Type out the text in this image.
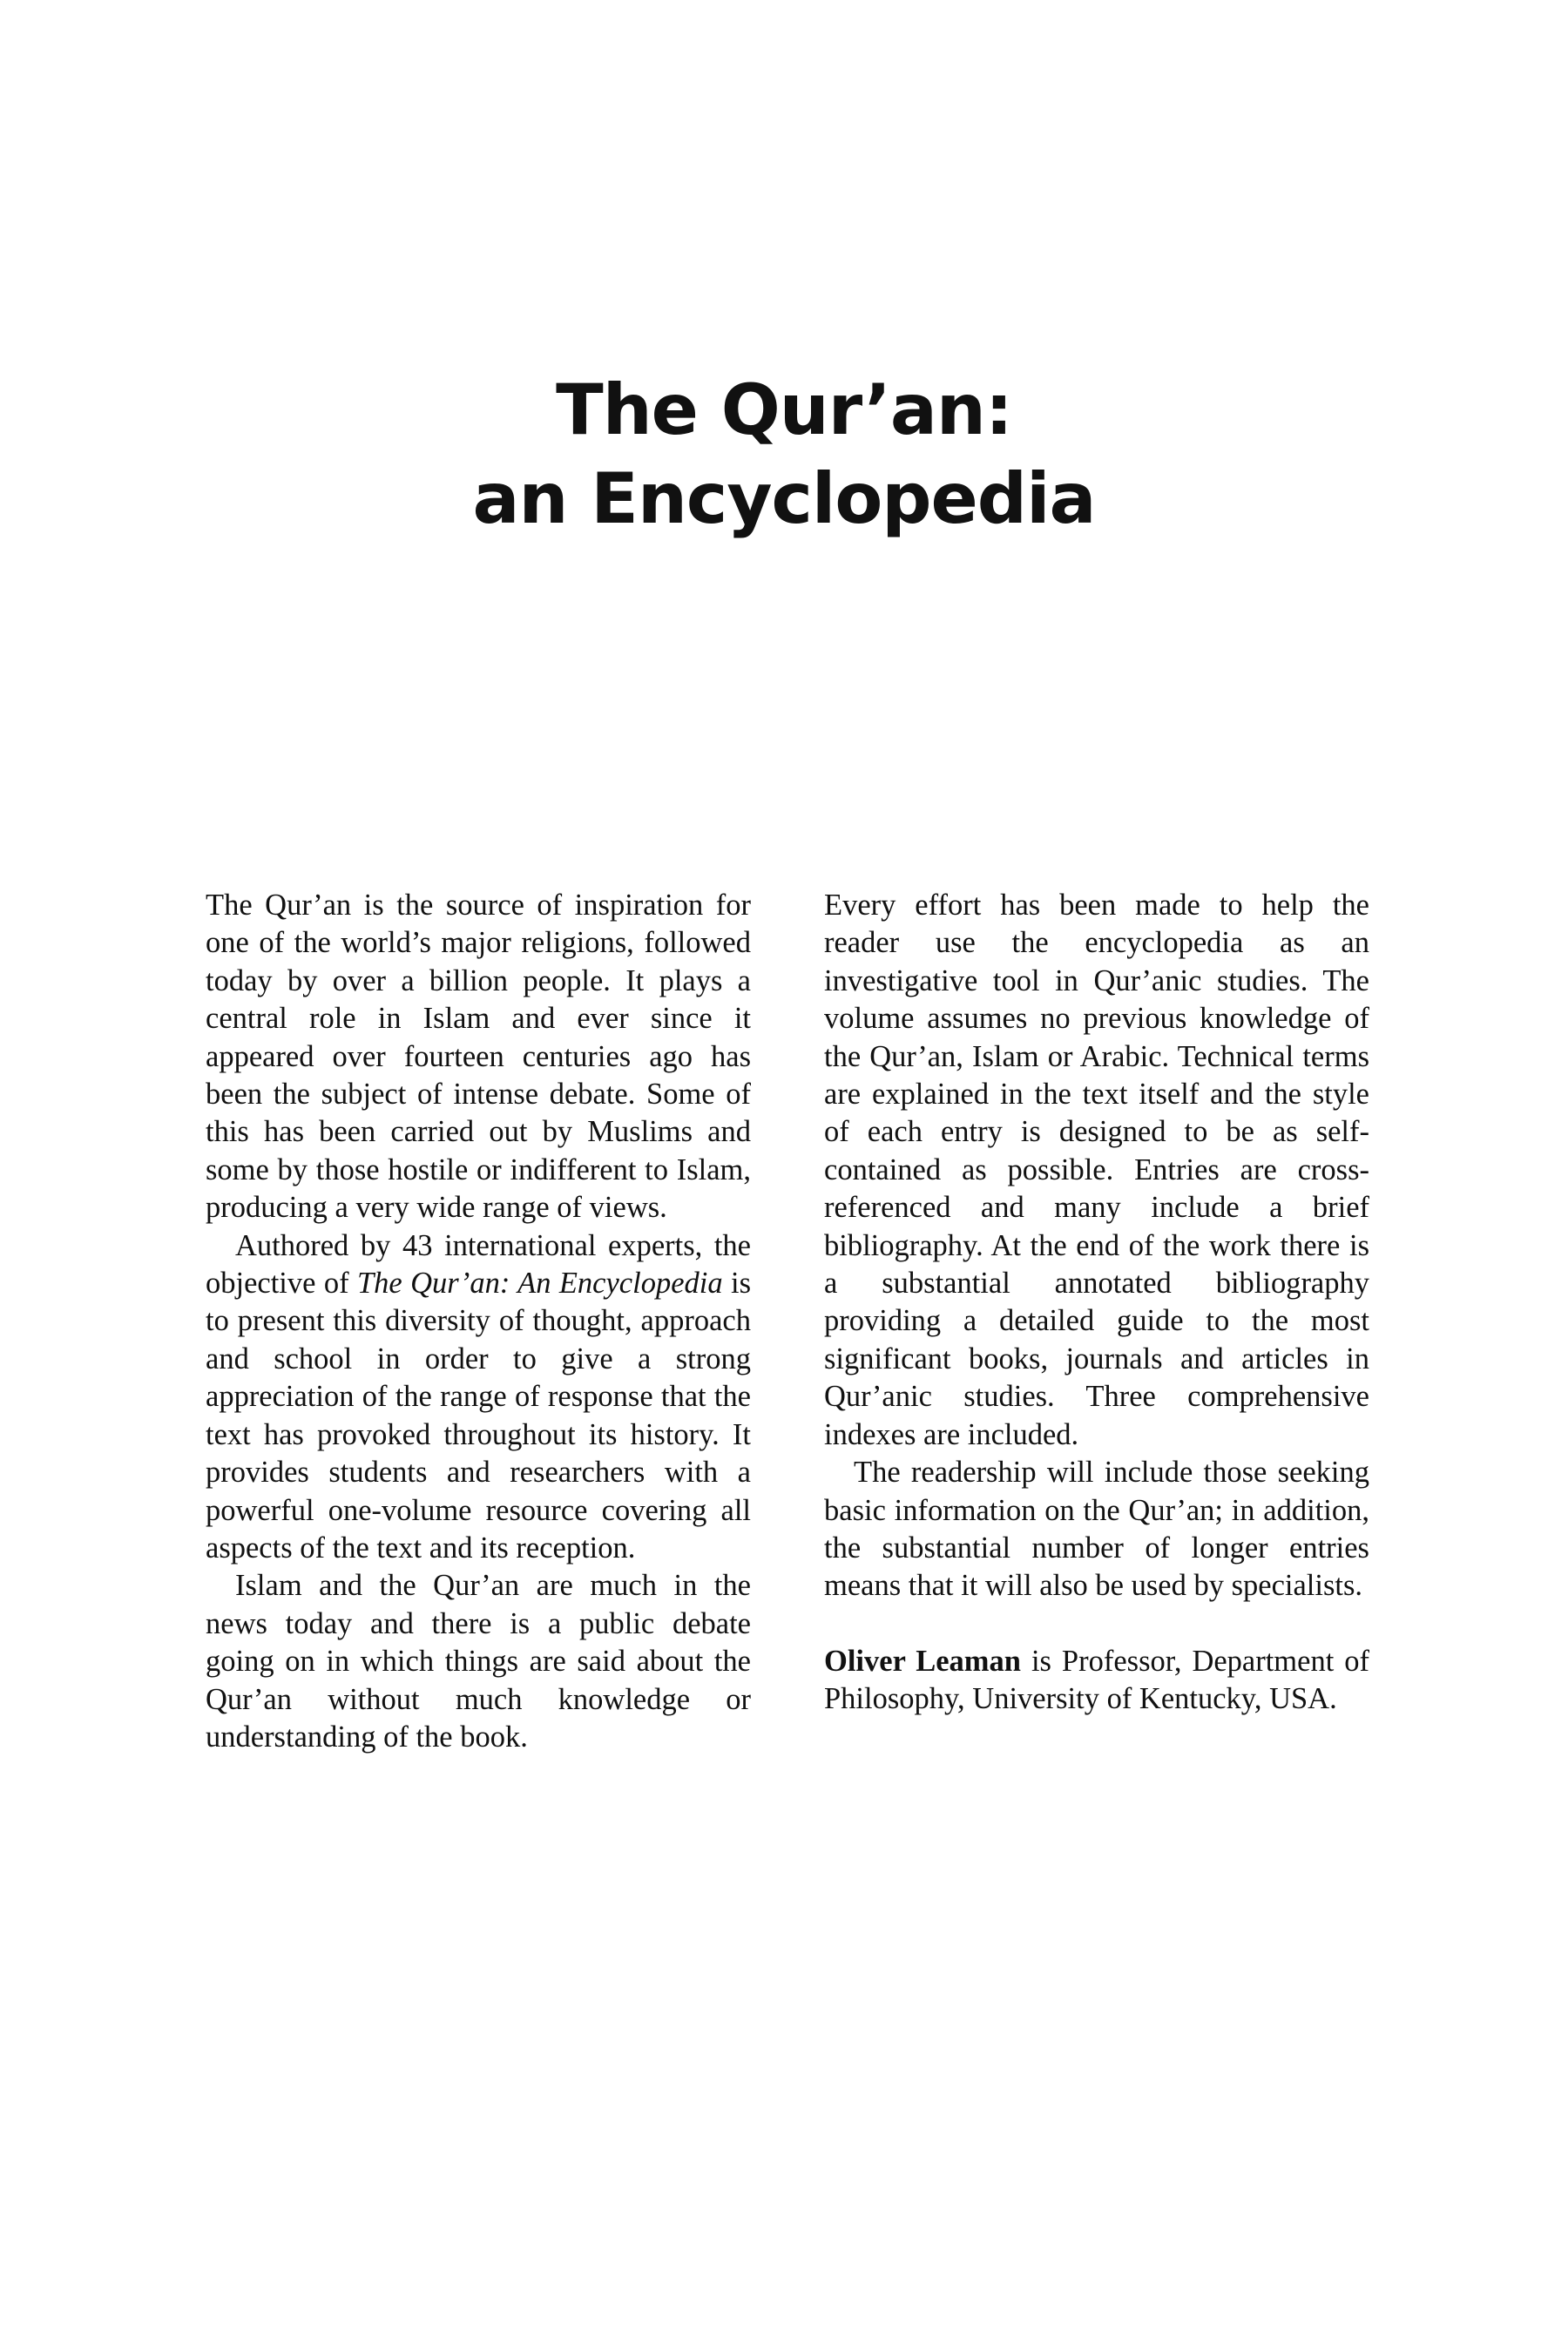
The Qur’an:
an Encyclopedia

The Qur’an is the source of inspiration for one of the world’s major religions, followed today by over a billion people. It plays a central role in Islam and ever since it appeared over fourteen centuries ago has been the subject of intense debate. Some of this has been carried out by Muslims and some by those hostile or indifferent to Islam, producing a very wide range of views.

Authored by 43 international experts, the objective of The Qur’an: An Encyclopedia is to present this diversity of thought, approach and school in order to give a strong appreciation of the range of response that the text has provoked throughout its history. It provides students and researchers with a powerful one-volume resource covering all aspects of the text and its reception.

Islam and the Qur’an are much in the news today and there is a public debate going on in which things are said about the Qur’an without much knowledge or understanding of the book.

Every effort has been made to help the reader use the encyclopedia as an investigative tool in Qur’anic studies. The volume assumes no previous knowledge of the Qur’an, Islam or Arabic. Technical terms are explained in the text itself and the style of each entry is designed to be as self-contained as possible. Entries are cross-referenced and many include a brief bibliography. At the end of the work there is a substantial annotated bibliography providing a detailed guide to the most significant books, journals and articles in Qur’anic studies. Three comprehensive indexes are included.

The readership will include those seeking basic information on the Qur’an; in addition, the substantial number of longer entries means that it will also be used by specialists.

Oliver Leaman is Professor, Department of Philosophy, University of Kentucky, USA.
